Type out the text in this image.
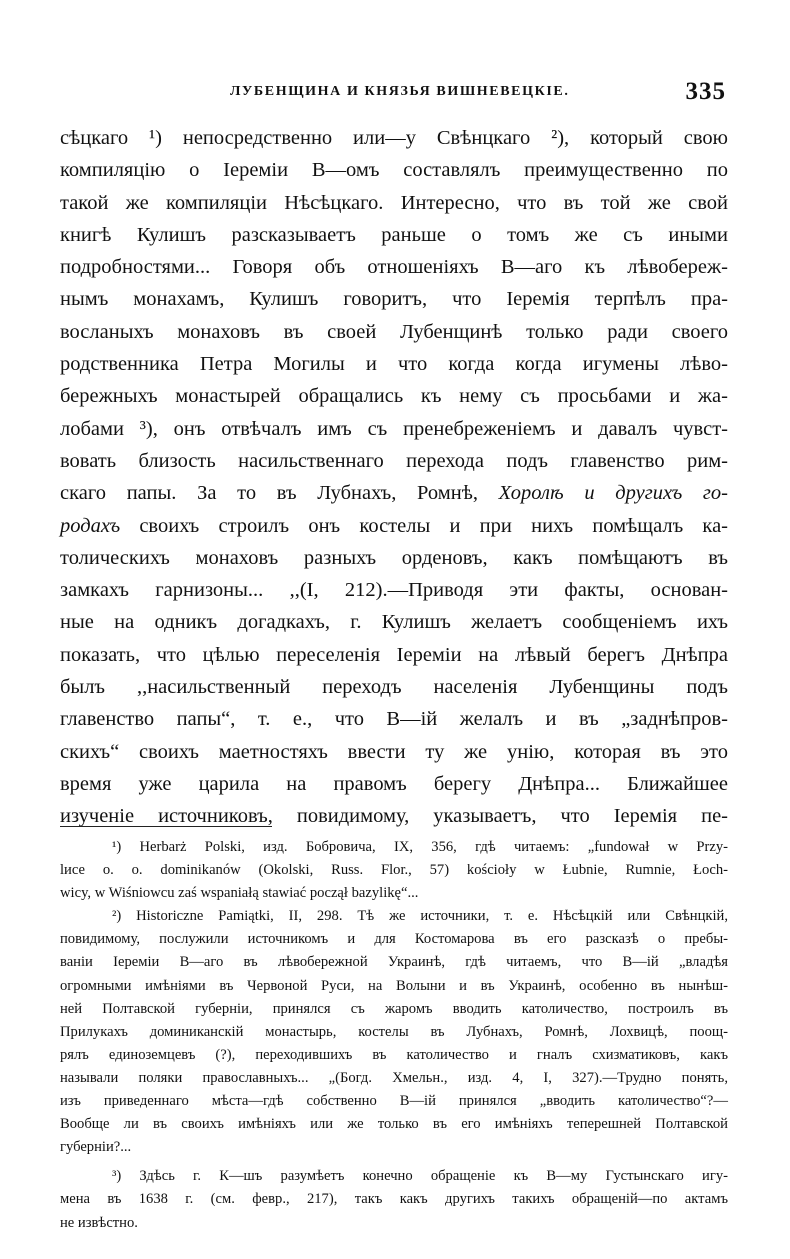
ЛУБЕНЩИНА И КНЯЗЬЯ ВИШНЕВЕЦКІЕ.	335
сѣцкаго ¹) непосредственно или—у Свѣнцкаго ²), который свою
компиляцію о Іереміи В—омъ составлялъ преимущественно по
такой же компиляціи Нѣсѣцкаго. Интересно, что въ той же свой
книгѣ Кулишъ разсказываетъ раньше о томъ же съ иными
подробностями... Говоря объ отношеніяхъ В—аго къ лѣвобереж-
нымъ монахамъ, Кулишъ говоритъ, что Іеремія терпѣлъ пра-
восланыхъ монаховъ въ своей Лубенщинѣ только ради своего
родственника Петра Могилы и что когда когда игумены лѣво-
бережныхъ монастырей обращались къ нему съ просьбами и жа-
лобами ³), онъ отвѣчалъ имъ съ пренебреженіемъ и давалъ чувст-
вовать близость насильственнаго перехода подъ главенство рим-
скаго папы. За то въ Лубнахъ, Ромнѣ, Хоролѣ и другихъ го-
родахъ своихъ строилъ онъ костелы и при нихъ помѣщалъ ка-
толическихъ монаховъ разныхъ орденовъ, какъ помѣщаютъ въ
замкахъ гарнизоны... ,,(I, 212).—Приводя эти факты, основан-
ные на одникъ догадкахъ, г. Кулишъ желаетъ сообщеніемъ ихъ
показать, что цѣлью переселенія Іереміи на лѣвый берегъ Днѣпра
былъ ,,насильственный переходъ населенія Лубенщины подъ
главенство папы“, т. е., что В—ій желалъ и въ „заднѣпров-
скихъ“ своихъ маетностяхъ ввести ту же унію, которая въ это
время уже царила на правомъ берегу Днѣпра... Ближайшее
изученіе источниковъ, повидимому, указываетъ, что Іеремія пе-
¹) Herbarż Polski, изд. Бобровича, IX, 356, гдѣ читаемъ: „fundował w Przy-
lисе o. o. dominikanów (Okolski, Russ. Flor., 57) kościoły w Łubnie, Rumnie, Łoch-
wicy, w Wiśniowcu zaś wspaniałą stawiać począł bazylikę“...
²) Historiczne Pamiątki, II, 298. Тѣ же источники, т. е. Нѣсѣцкій или Свѣнцкій,
повидимому, послужили источникомъ и для Костомарова въ его разсказѣ о пребы-
ваніи Іереміи В—аго въ лѣвобережной Украинѣ, гдѣ читаемъ, что В—ій „владѣя
огромными имѣніями въ Червоной Руси, на Волыни и въ Украинѣ, особенно въ нынѣш-
ней Полтавской губерніи, принялся съ жаромъ вводить католичество, построилъ въ
Прилукахъ доминиканскій монастырь, костелы въ Лубнахъ, Ромнѣ, Лохвицѣ, поощ-
рялъ единоземцевъ (?), переходившихъ въ католичество и гналъ схизматиковъ, какъ
называли поляки православныхъ... „(Богд. Хмельн., изд. 4, I, 327).—Трудно понять,
изъ приведеннаго мѣста—гдѣ собственно В—ій принялся „вводить католичество“?—
Вообще ли въ своихъ имѣніяхъ или же только въ его имѣніяхъ теперешней Полтавской
губерніи?...
³) Здѣсь г. К—шъ разумѣетъ конечно обращеніе къ В—му Густынскаго игу-
мена въ 1638 г. (см. февр., 217), такъ какъ другихъ такихъ обращеній—по актамъ
не извѣстно.
